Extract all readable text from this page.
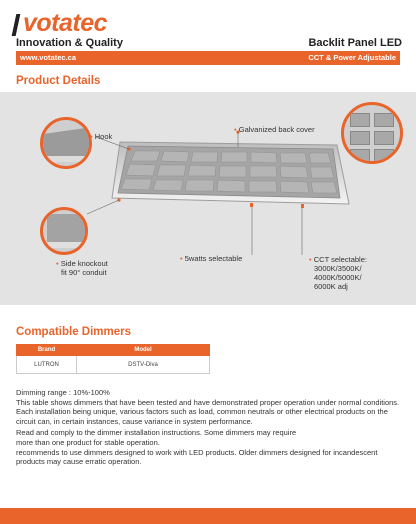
votatec
Innovation & Quality	Backlit Panel LED
www.votatec.ca	CCT & Power Adjustable
Product Details
• Hook
• Galvanized back cover
• Side knockout
fit 90° conduit
• 5watts selectable	• CCT selectable:
3000K/3500K/
4000K/5000K/
6000K adj
Compatible Dimmers
Brand	Model
LUTRON	DSTV-Diva

Dimming range : 10%-100%

This table shows dimmers that have been tested and have demonstrated proper operation under normal conditions. Each installation being unique, various factors such as load, common neutrals or other electrical products on the circuit can, in certain instances, cause variance in system performance.

Read and comply to the dimmer installation instructions. Some dimmers may require

more than one product for stable operation.

recommends to use dimmers designed to work with LED products. Older dimmers designed for incandescent products may cause erratic operation.
